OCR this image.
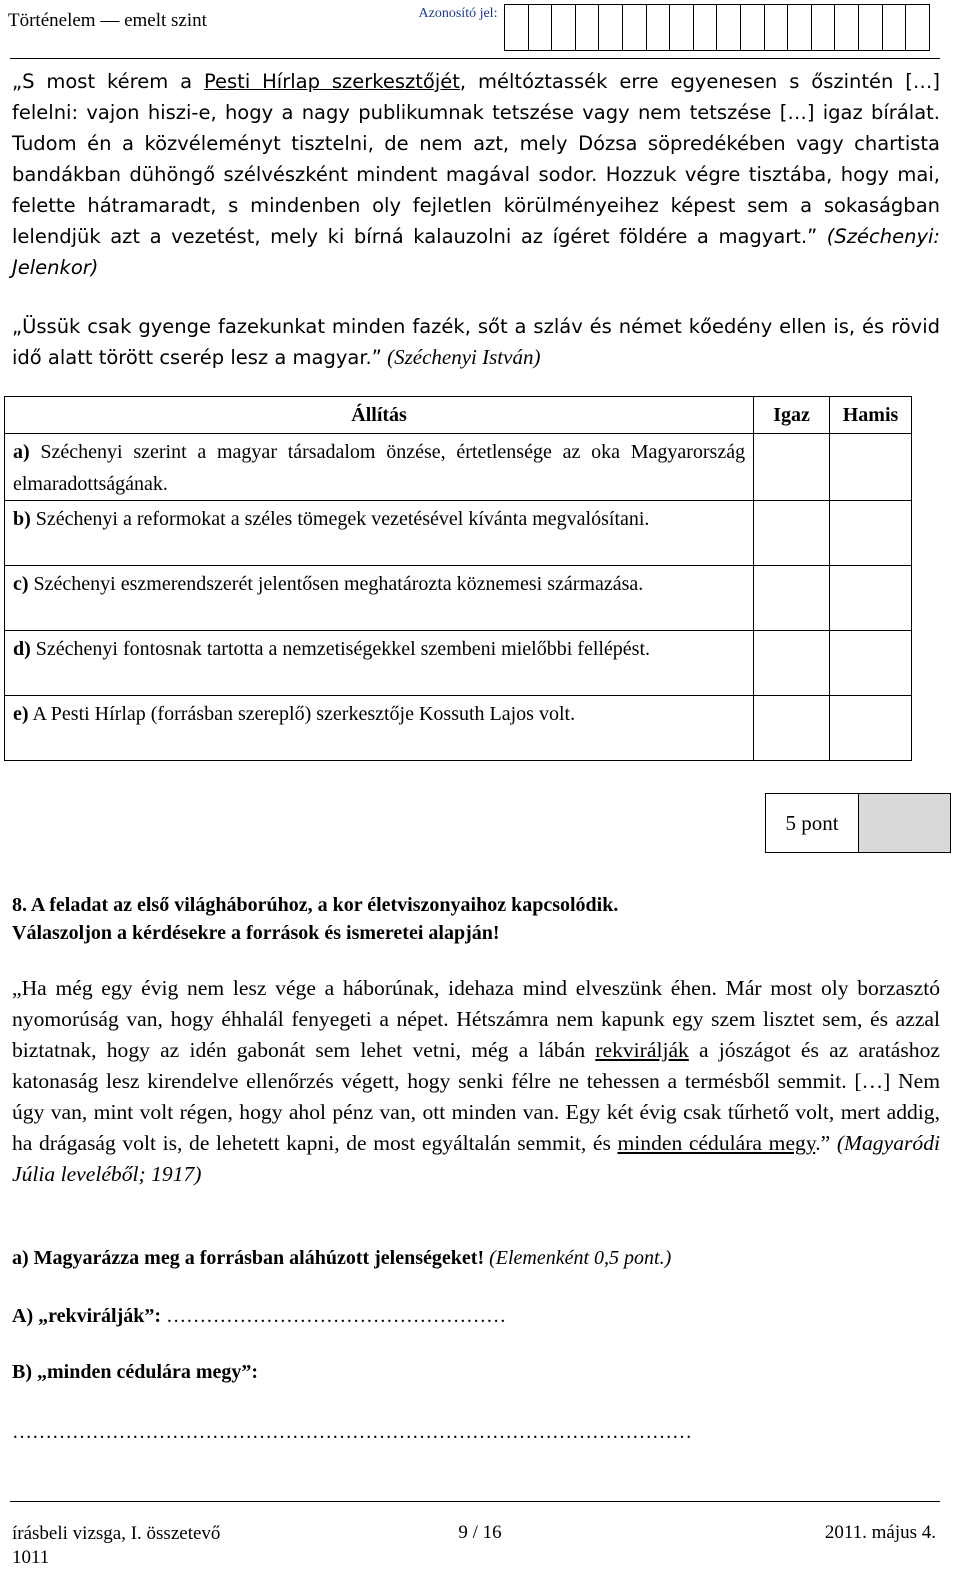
Történelem — emelt szint	Azonosító jel:

„S most kérem a Pesti Hírlap szerkesztőjét, méltóztassék erre egyenesen s őszintén […] felelni: vajon hiszi-e, hogy a nagy publikumnak tetszése vagy nem tetszése […] igaz bírálat. Tudom én a közvéleményt tisztelni, de nem azt, mely Dózsa söpredékében vagy chartista bandákban dühöngő szélvészként mindent magával sodor. Hozzuk végre tisztába, hogy mai, felette hátramaradt, s mindenben oly fejletlen körülményeihez képest sem a sokaságban lelendjük azt a vezetést, mely ki bírná kalauzolni az ígéret földére a magyart.” (Széchenyi: Jelenkor)

„Üssük csak gyenge fazekunkat minden fazék, sőt a szláv és német kőedény ellen is, és rövid idő alatt törött cserép lesz a magyar.” (Széchenyi István)

Állítás	Igaz	Hamis
a) Széchenyi szerint a magyar társadalom önzése, értetlensége az oka Magyarország elmaradottságának.		
b) Széchenyi a reformokat a széles tömegek vezetésével kívánta megvalósítani.		
c) Széchenyi eszmerendszerét jelentősen meghatározta köznemesi származása.		
d) Széchenyi fontosnak tartotta a nemzetiségekkel szembeni mielőbbi fellépést.		
e) A Pesti Hírlap (forrásban szereplő) szerkesztője Kossuth Lajos volt.		
5 pont
8. A feladat az első világháborúhoz, a kor életviszonyaihoz kapcsolódik.
Válaszoljon a kérdésekre a források és ismeretei alapján!

„Ha még egy évig nem lesz vége a háborúnak, idehaza mind elveszünk éhen. Már most oly borzasztó nyomorúság van, hogy éhhalál fenyegeti a népet. Hétszámra nem kapunk egy szem lisztet sem, és azzal biztatnak, hogy az idén gabonát sem lehet vetni, még a lábán rekvirálják a jószágot és az aratáshoz katonaság lesz kirendelve ellenőrzés végett, hogy senki félre ne tehessen a termésből semmit. […] Nem úgy van, mint volt régen, hogy ahol pénz van, ott minden van. Egy két évig csak tűrhető volt, mert addig, ha drágaság volt is, de lehetett kapni, de most egyáltalán semmit, és minden cédulára megy.” (Magyaródi Júlia leveléből; 1917)

a) Magyarázza meg a forrásban aláhúzott jelenségeket! (Elemenként 0,5 pont.)
A) „rekvirálják”: ……………………………………………
B) „minden cédulára megy”:
…………………………………………………………………………………………
írásbeli vizsga, I. összetevő
1011
9 / 16	2011. május 4.
